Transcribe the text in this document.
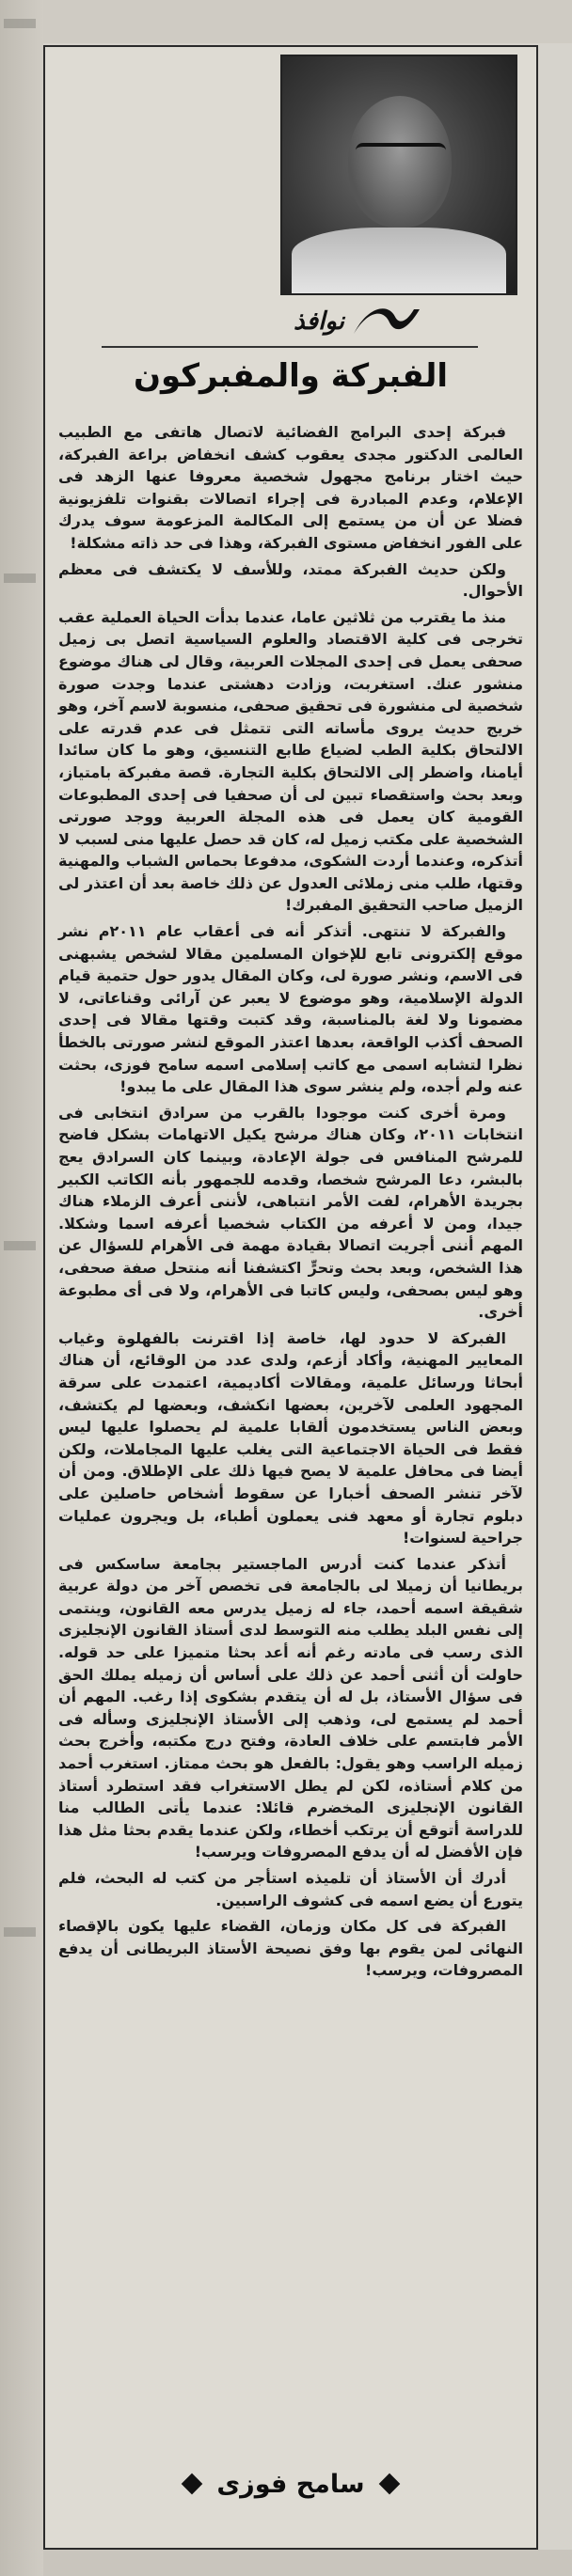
نوافذ
الفبركة والمفبركون

فبركة إحدى البرامج الفضائية لاتصال هاتفى مع الطبيب العالمى الدكتور مجدى يعقوب كشف انخفاض براعة الفبركة، حيث اختار برنامج مجهول شخصية معروفا عنها الزهد فى الإعلام، وعدم المبادرة فى إجراء اتصالات بقنوات تلفزيونية فضلا عن أن من يستمع إلى المكالمة المزعومة سوف يدرك على الفور انخفاض مستوى الفبركة، وهذا فى حد ذاته مشكلة!

ولكن حديث الفبركة ممتد، وللأسف لا يكتشف فى معظم الأحوال.

منذ ما يقترب من ثلاثين عاما، عندما بدأت الحياة العملية عقب تخرجى فى كلية الاقتصاد والعلوم السياسية اتصل بى زميل صحفى يعمل فى إحدى المجلات العربية، وقال لى هناك موضوع منشور عنك. استغربت، وزادت دهشتى عندما وجدت صورة شخصية لى منشورة فى تحقيق صحفى، منسوبة لاسم آخر، وهو خريج حديث يروى مأساته التى تتمثل فى عدم قدرته على الالتحاق بكلية الطب لضياع طابع التنسيق، وهو ما كان سائدا أيامنا، واضطر إلى الالتحاق بكلية التجارة. قصة مفبركة بامتياز، وبعد بحث واستقصاء تبين لى أن صحفيا فى إحدى المطبوعات القومية كان يعمل فى هذه المجلة العربية ووجد صورتى الشخصية على مكتب زميل له، كان قد حصل عليها منى لسبب لا أتذكره، وعندما أردت الشكوى، مدفوعا بحماس الشباب والمهنية وقتها، طلب منى زملائى العدول عن ذلك خاصة بعد أن اعتذر لى الزميل صاحب التحقيق المفبرك!

والفبركة لا تنتهى. أتذكر أنه فى أعقاب عام ٢٠١١م نشر موقع إلكترونى تابع للإخوان المسلمين مقالا لشخص يشبهنى فى الاسم، ونشر صورة لى، وكان المقال يدور حول حتمية قيام الدولة الإسلامية، وهو موضوع لا يعبر عن آرائى وقناعاتى، لا مضمونا ولا لغة بالمناسبة، وقد كتبت وقتها مقالا فى إحدى الصحف أكذب الواقعة، بعدها اعتذر الموقع لنشر صورتى بالخطأ نظرا لتشابه اسمى مع كاتب إسلامى اسمه سامح فوزى، بحثت عنه ولم أجده، ولم ينشر سوى هذا المقال على ما يبدو!

ومرة أخرى كنت موجودا بالقرب من سرادق انتخابى فى انتخابات ٢٠١١، وكان هناك مرشح يكيل الاتهامات بشكل فاضح للمرشح المنافس فى جولة الإعادة، وبينما كان السرادق يعج بالبشر، دعا المرشح شخصا، وقدمه للجمهور بأنه الكاتب الكبير بجريدة الأهرام، لفت الأمر انتباهى، لأننى أعرف الزملاء هناك جيدا، ومن لا أعرفه من الكتاب شخصيا أعرفه اسما وشكلا. المهم أننى أجريت اتصالا بقيادة مهمة فى الأهرام للسؤال عن هذا الشخص، وبعد بحث وتحرٍّ اكتشفنا أنه منتحل صفة صحفى، وهو ليس بصحفى، وليس كاتبا فى الأهرام، ولا فى أى مطبوعة أخرى.

الفبركة لا حدود لها، خاصة إذا اقترنت بالفهلوة وغياب المعايير المهنية، وأكاد أزعم، ولدى عدد من الوقائع، أن هناك أبحاثا ورسائل علمية، ومقالات أكاديمية، اعتمدت على سرقة المجهود العلمى لآخرين، بعضها انكشف، وبعضها لم يكتشف، وبعض الناس يستخدمون ألقابا علمية لم يحصلوا عليها ليس فقط فى الحياة الاجتماعية التى يغلب عليها المجاملات، ولكن أيضا فى محافل علمية لا يصح فيها ذلك على الإطلاق. ومن أن لآخر تنشر الصحف أخبارا عن سقوط أشخاص حاصلين على دبلوم تجارة أو معهد فنى يعملون أطباء، بل ويجرون عمليات جراحية لسنوات!

أتذكر عندما كنت أدرس الماجستير بجامعة ساسكس فى بريطانيا أن زميلا لى بالجامعة فى تخصص آخر من دولة عربية شقيقة اسمه أحمد، جاء له زميل يدرس معه القانون، وينتمى إلى نفس البلد يطلب منه التوسط لدى أستاذ القانون الإنجليزى الذى رسب فى مادته رغم أنه أعد بحثا متميزا على حد قوله. حاولت أن أثنى أحمد عن ذلك على أساس أن زميله يملك الحق فى سؤال الأستاذ، بل له أن يتقدم بشكوى إذا رغب. المهم أن أحمد لم يستمع لى، وذهب إلى الأستاذ الإنجليزى وسأله فى الأمر فابتسم على خلاف العادة، وفتح درج مكتبه، وأخرج بحث زميله الراسب وهو يقول: بالفعل هو بحث ممتاز. استغرب أحمد من كلام أستاذه، لكن لم يطل الاستغراب فقد استطرد أستاذ القانون الإنجليزى المخضرم قائلا: عندما يأتى الطالب منا للدراسة أتوقع أن يرتكب أخطاء، ولكن عندما يقدم بحثا مثل هذا فإن الأفضل له أن يدفع المصروفات ويرسب!

أدرك أن الأستاذ أن تلميذه استأجر من كتب له البحث، فلم يتورع أن يضع اسمه فى كشوف الراسبين.

الفبركة فى كل مكان وزمان، القضاء عليها يكون بالإقصاء النهائى لمن يقوم بها وفق نصيحة الأستاذ البريطانى أن يدفع المصروفات، ويرسب!

سامح فوزى
